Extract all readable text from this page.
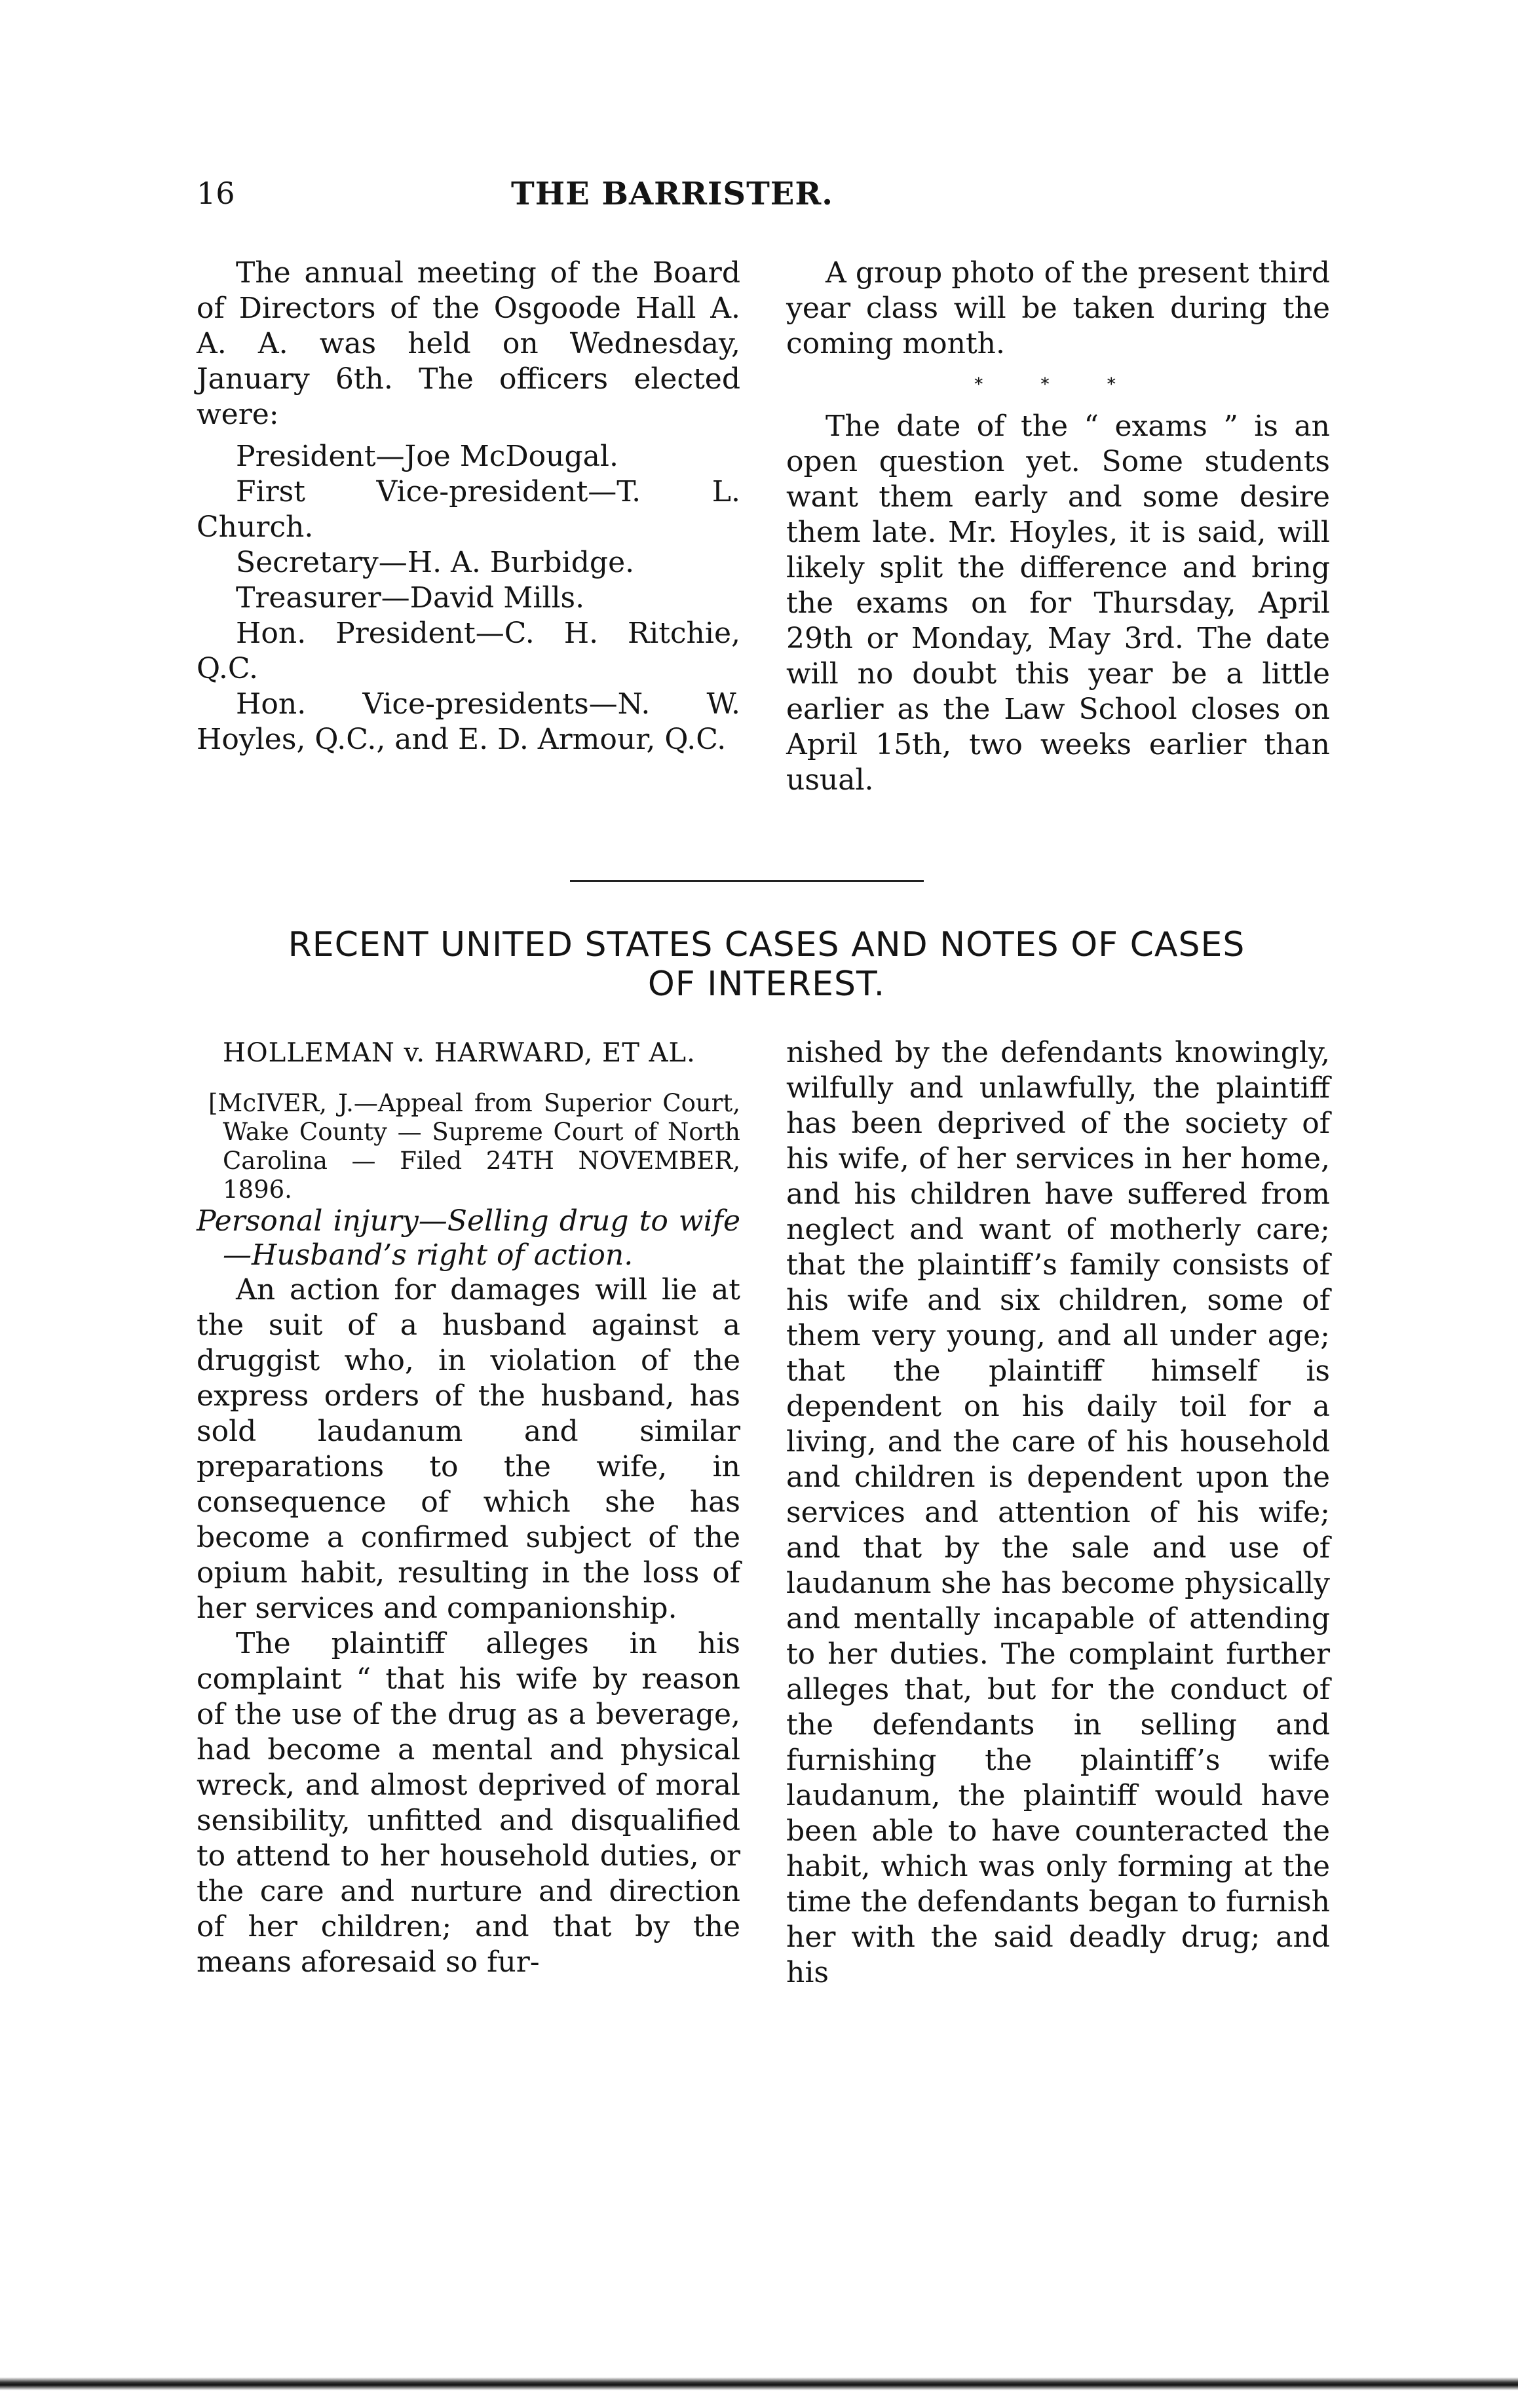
16	THE BARRISTER.

The annual meeting of the Board of Directors of the Osgoode Hall A. A. A. was held on Wednesday, January 6th. The officers elected were:

President—Joe McDougal.

First Vice-president—T. L. Church.

Secretary—H. A. Burbidge.

Treasurer—David Mills.

Hon. President—C. H. Ritchie, Q.C.

Hon. Vice-presidents—N. W. Hoyles, Q.C., and E. D. Armour, Q.C.

A group photo of the present third year class will be taken during the coming month.

* * *

The date of the “ exams ” is an open question yet. Some students want them early and some desire them late. Mr. Hoyles, it is said, will likely split the difference and bring the exams on for Thursday, April 29th or Monday, May 3rd. The date will no doubt this year be a little earlier as the Law School closes on April 15th, two weeks earlier than usual.

RECENT UNITED STATES CASES AND NOTES OF CASES
OF INTEREST.
HOLLEMAN v. HARWARD, ET AL.

[McIVER, J.—Appeal from Superior Court, Wake County — Supreme Court of North Carolina — Filed 24TH NOVEMBER, 1896.

Personal injury—Selling drug to wife—Husband’s right of action.

An action for damages will lie at the suit of a husband against a druggist who, in violation of the express orders of the husband, has sold laudanum and similar preparations to the wife, in consequence of which she has become a confirmed subject of the opium habit, resulting in the loss of her services and companionship.

The plaintiff alleges in his complaint “ that his wife by reason of the use of the drug as a beverage, had become a mental and physical wreck, and almost deprived of moral sensibility, unfitted and disqualified to attend to her household duties, or the care and nurture and direction of her children; and that by the means aforesaid so fur-

nished by the defendants knowingly, wilfully and unlawfully, the plaintiff has been deprived of the society of his wife, of her services in her home, and his children have suffered from neglect and want of motherly care; that the plaintiff’s family consists of his wife and six children, some of them very young, and all under age; that the plaintiff himself is dependent on his daily toil for a living, and the care of his household and children is dependent upon the services and attention of his wife; and that by the sale and use of laudanum she has become physically and mentally incapable of attending to her duties. The complaint further alleges that, but for the conduct of the defendants in selling and furnishing the plaintiff’s wife laudanum, the plaintiff would have been able to have counteracted the habit, which was only forming at the time the defendants began to furnish her with the said deadly drug; and his
